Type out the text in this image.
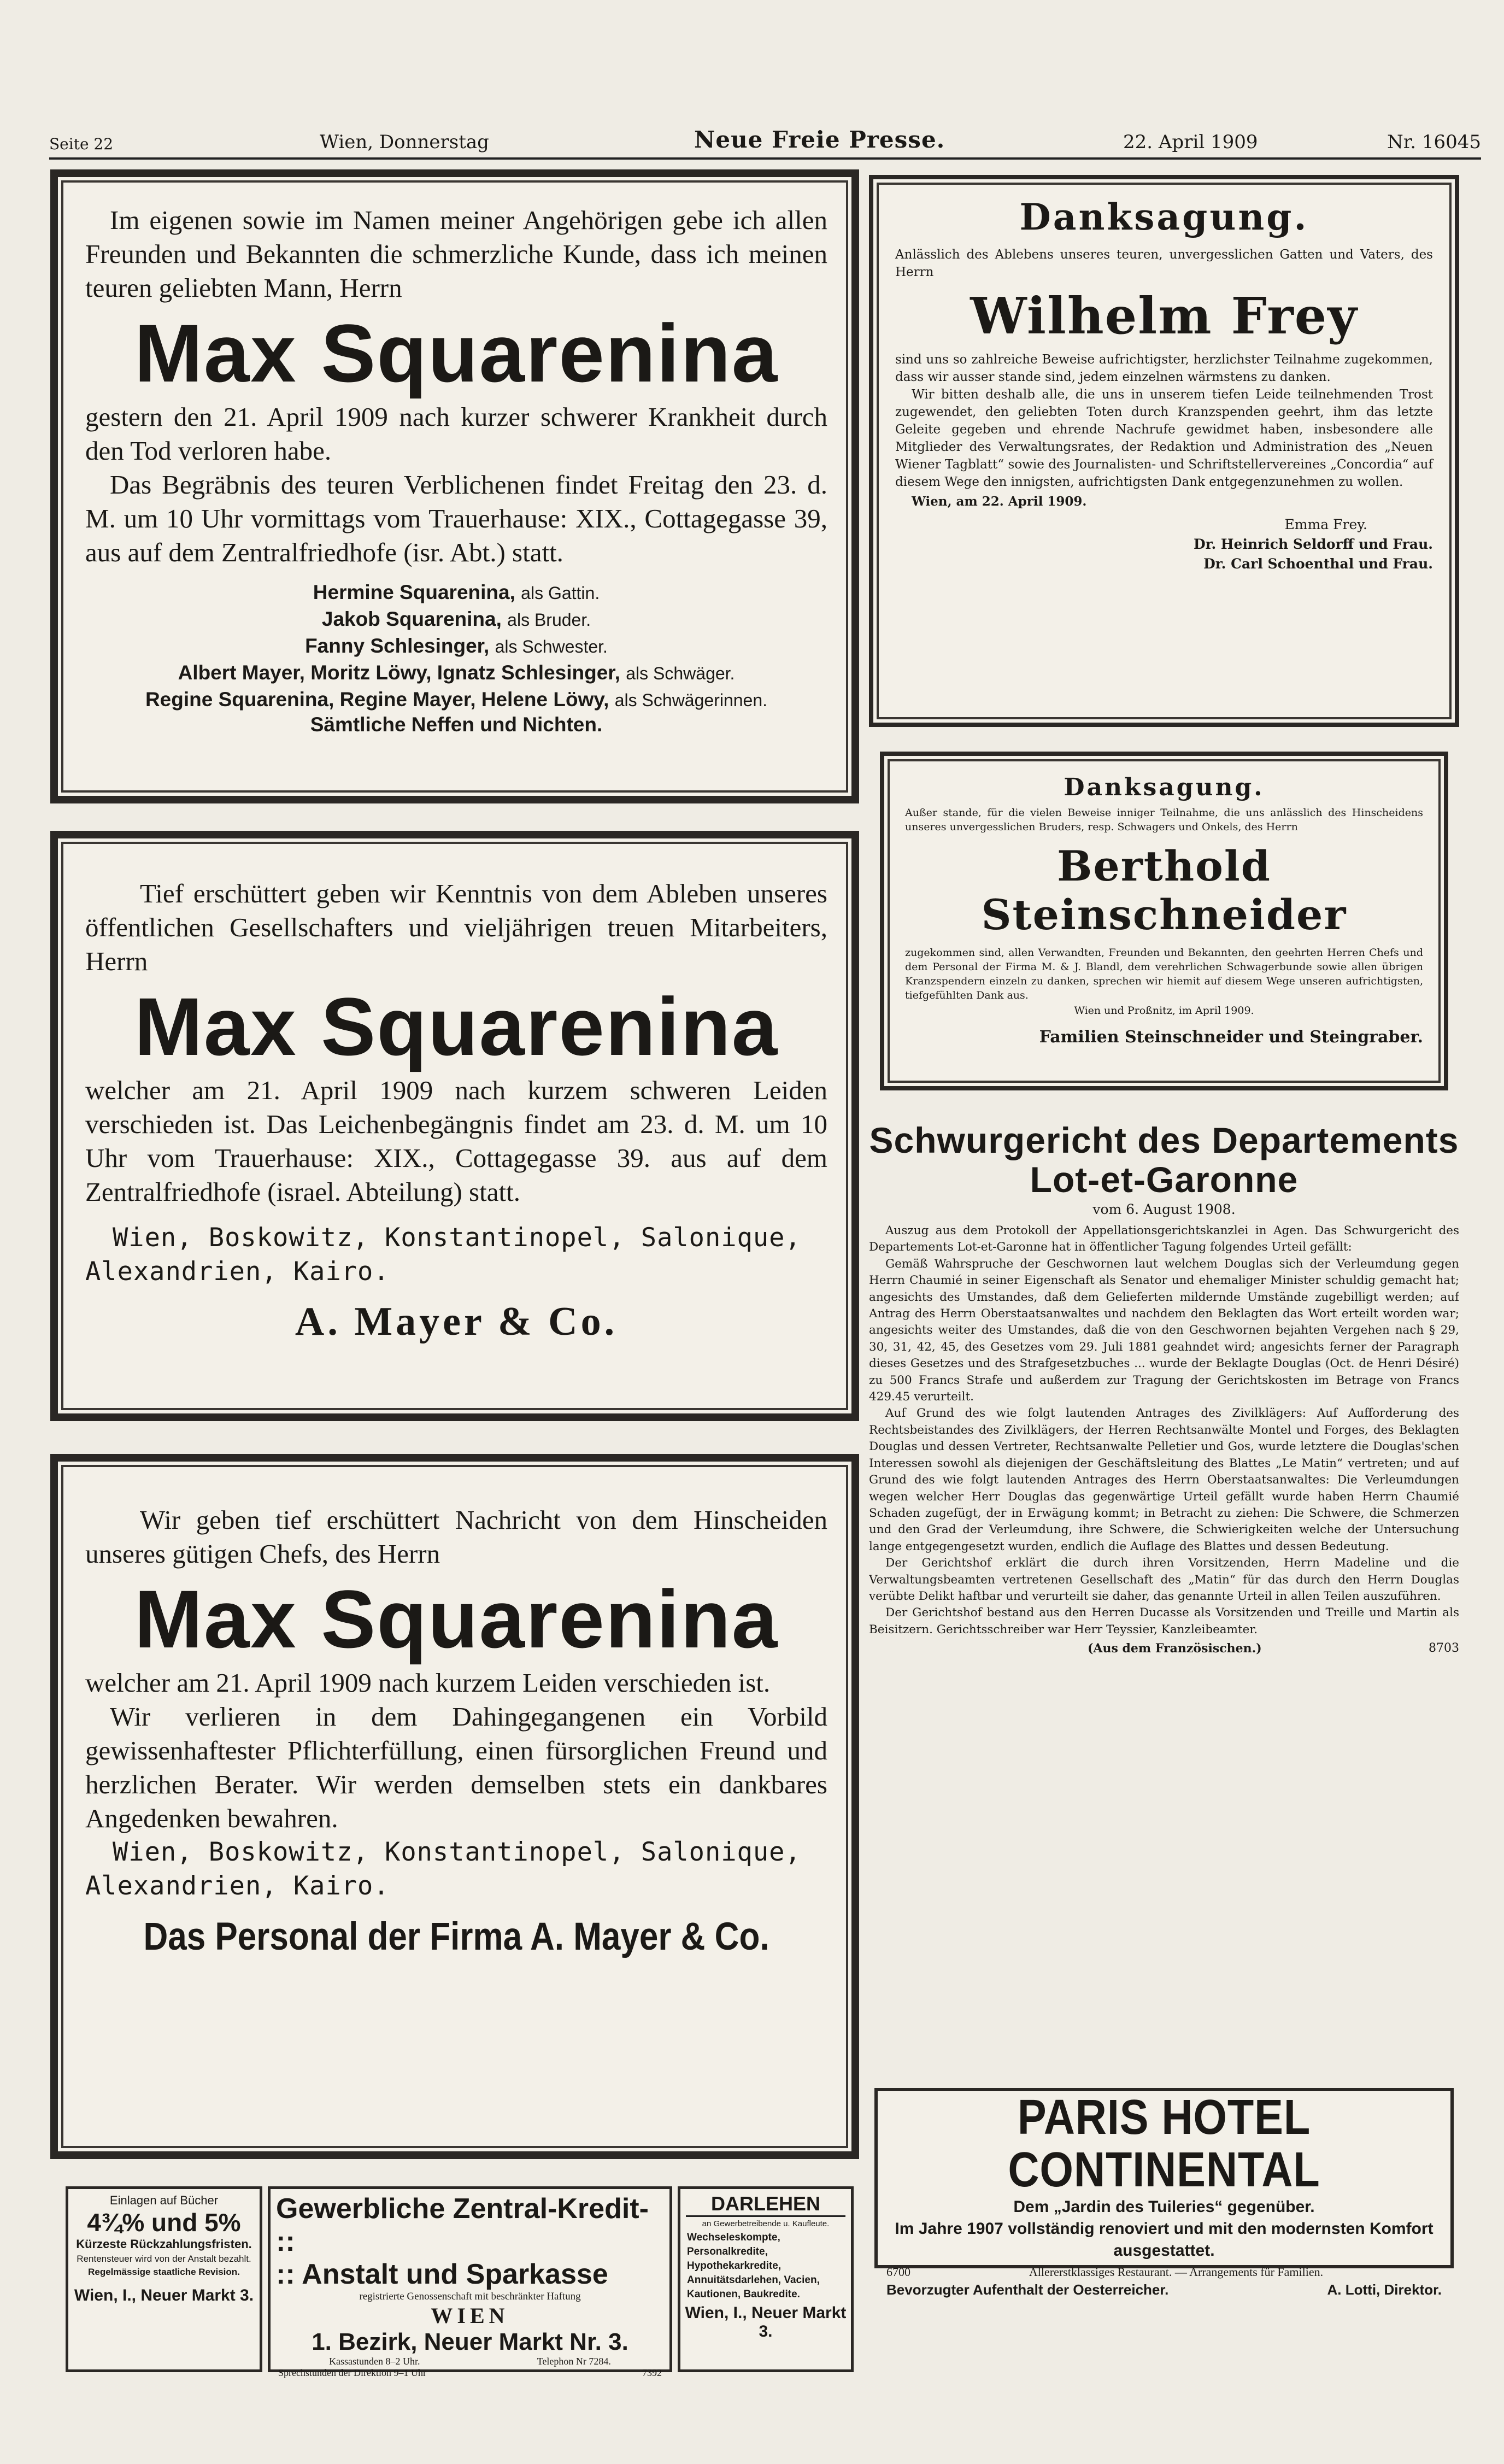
Seite 22	Wien, Donnerstag	Neue Freie Presse.	22. April 1909	Nr. 16045
Im eigenen sowie im Namen meiner Angehörigen gebe ich allen Freunden und Bekannten die schmerzliche Kunde, dass ich meinen teuren geliebten Mann, Herrn
Max Squarenina

gestern den 21. April 1909 nach kurzer schwerer Krankheit durch den Tod verloren habe.

Das Begräbnis des teuren Verblichenen findet Freitag den 23. d. M. um 10 Uhr vormittags vom Trauerhause: XIX., Cottagegasse 39, aus auf dem Zentralfriedhofe (isr. Abt.) statt.

Hermine Squarenina, als Gattin.
Jakob Squarenina, als Bruder.
Fanny Schlesinger, als Schwester.
Albert Mayer, Moritz Löwy, Ignatz Schlesinger, als Schwäger.
Regine Squarenina, Regine Mayer, Helene Löwy, als Schwägerinnen.
Sämtliche Neffen und Nichten.
Tief erschüttert geben wir Kenntnis von dem Ableben unseres öffentlichen Gesellschafters und vieljährigen treuen Mitarbeiters, Herrn
Max Squarenina
welcher am 21. April 1909 nach kurzem schweren Leiden verschieden ist. Das Leichenbegängnis findet am 23. d. M. um 10 Uhr vom Trauerhause: XIX., Cottagegasse 39. aus auf dem Zentralfriedhofe (israel. Abteilung) statt.
Wien, Boskowitz, Konstantinopel, Salonique, Alexandrien, Kairo.
A. Mayer & Co.
Wir geben tief erschüttert Nachricht von dem Hinscheiden unseres gütigen Chefs, des Herrn
Max Squarenina

welcher am 21. April 1909 nach kurzem Leiden verschieden ist.

Wir verlieren in dem Dahingegangenen ein Vorbild gewissenhaftester Pflichterfüllung, einen fürsorglichen Freund und herzlichen Berater. Wir werden demselben stets ein dankbares Angedenken bewahren.

Wien, Boskowitz, Konstantinopel, Salonique, Alexandrien, Kairo.
Das Personal der Firma A. Mayer & Co.
Einlagen auf Bücher
4¾% und 5%
Kürzeste Rückzahlungsfristen.
Rentensteuer wird von der Anstalt bezahlt.
Regelmässige staatliche Revision.
Wien, I., Neuer Markt 3.
Gewerbliche Zentral-Kredit- ::
:: Anstalt und Sparkasse
registrierte Genossenschaft mit beschränkter Haftung
WIEN
1. Bezirk, Neuer Markt Nr. 3.
Kassastunden 8–2 Uhr.	Telephon Nr 7284.
Sprechstunden der Direktion 9–1 Uhr	7392
DARLEHEN
an Gewerbetreibende u. Kaufleute.
Wechseleskompte, Personalkredite, Hypothekarkredite, Annuitätsdarlehen, Vacien, Kautionen, Baukredite.
Wien, I., Neuer Markt 3.
Danksagung.
Anlässlich des Ablebens unseres teuren, unvergesslichen Gatten und Vaters, des Herrn
Wilhelm Frey
sind uns so zahlreiche Beweise aufrichtigster, herzlichster Teilnahme zugekommen, dass wir ausser stande sind, jedem einzelnen wärmstens zu danken.
Wir bitten deshalb alle, die uns in unserem tiefen Leide teilnehmenden Trost zugewendet, den geliebten Toten durch Kranzspenden geehrt, ihm das letzte Geleite gegeben und ehrende Nachrufe gewidmet haben, insbesondere alle Mitglieder des Verwaltungsrates, der Redaktion und Administration des „Neuen Wiener Tagblatt“ sowie des Journalisten- und Schriftstellervereines „Concordia“ auf diesem Wege den innigsten, aufrichtigsten Dank entgegenzunehmen zu wollen.
Wien, am 22. April 1909.
Emma Frey.
Dr. Heinrich Seldorff und Frau.
Dr. Carl Schoenthal und Frau.
Danksagung.
Außer stande, für die vielen Beweise inniger Teilnahme, die uns anlässlich des Hinscheidens unseres unvergesslichen Bruders, resp. Schwagers und Onkels, des Herrn
Berthold Steinschneider
zugekommen sind, allen Verwandten, Freunden und Bekannten, den geehrten Herren Chefs und dem Personal der Firma M. & J. Blandl, dem verehrlichen Schwagerbunde sowie allen übrigen Kranzspendern einzeln zu danken, sprechen wir hiemit auf diesem Wege unseren aufrichtigsten, tiefgefühlten Dank aus.
Wien und Proßnitz, im April 1909.
Familien Steinschneider und Steingraber.
Schwurgericht des Departements
Lot-et-Garonne
vom 6. August 1908.

Auszug aus dem Protokoll der Appellationsgerichtskanzlei in Agen. Das Schwurgericht des Departements Lot-et-Garonne hat in öffentlicher Tagung folgendes Urteil gefällt:

Gemäß Wahrspruche der Geschwornen laut welchem Douglas sich der Verleumdung gegen Herrn Chaumié in seiner Eigenschaft als Senator und ehemaliger Minister schuldig gemacht hat; angesichts des Umstandes, daß dem Gelieferten mildernde Umstände zugebilligt werden; auf Antrag des Herrn Oberstaatsanwaltes und nachdem den Beklagten das Wort erteilt worden war; angesichts weiter des Umstandes, daß die von den Geschwornen bejahten Vergehen nach § 29, 30, 31, 42, 45, des Gesetzes vom 29. Juli 1881 geahndet wird; angesichts ferner der Paragraph dieses Gesetzes und des Strafgesetzbuches ... wurde der Beklagte Douglas (Oct. de Henri Désiré) zu 500 Francs Strafe und außerdem zur Tragung der Gerichtskosten im Betrage von Francs 429.45 verurteilt.

Auf Grund des wie folgt lautenden Antrages des Zivilklägers: Auf Aufforderung des Rechtsbeistandes des Zivilklägers, der Herren Rechtsanwälte Montel und Forges, des Beklagten Douglas und dessen Vertreter, Rechtsanwalte Pelletier und Gos, wurde letztere die Douglas'schen Interessen sowohl als diejenigen der Geschäftsleitung des Blattes „Le Matin“ vertreten; und auf Grund des wie folgt lautenden Antrages des Herrn Oberstaatsanwaltes: Die Verleumdungen wegen welcher Herr Douglas das gegenwärtige Urteil gefällt wurde haben Herrn Chaumié Schaden zugefügt, der in Erwägung kommt; in Betracht zu ziehen: Die Schwere, die Schmerzen und den Grad der Verleumdung, ihre Schwere, die Schwierigkeiten welche der Untersuchung lange entgegengesetzt wurden, endlich die Auflage des Blattes und dessen Bedeutung.

Der Gerichtshof erklärt die durch ihren Vorsitzenden, Herrn Madeline und die Verwaltungsbeamten vertretenen Gesellschaft des „Matin“ für das durch den Herrn Douglas verübte Delikt haftbar und verurteilt sie daher, das genannte Urteil in allen Teilen auszuführen.

Der Gerichtshof bestand aus den Herren Ducasse als Vorsitzenden und Treille und Martin als Beisitzern. Gerichtsschreiber war Herr Teyssier, Kanzleibeamter.

(Aus dem Französischen.)	8703
PARIS HOTEL CONTINENTAL
Dem „Jardin des Tuileries“ gegenüber.
Im Jahre 1907 vollständig renoviert und mit den modernsten Komfort ausgestattet.
6700	Allererstklassiges Restaurant. — Arrangements für Familien.
Bevorzugter Aufenthalt der Oesterreicher.	A. Lotti, Direktor.
